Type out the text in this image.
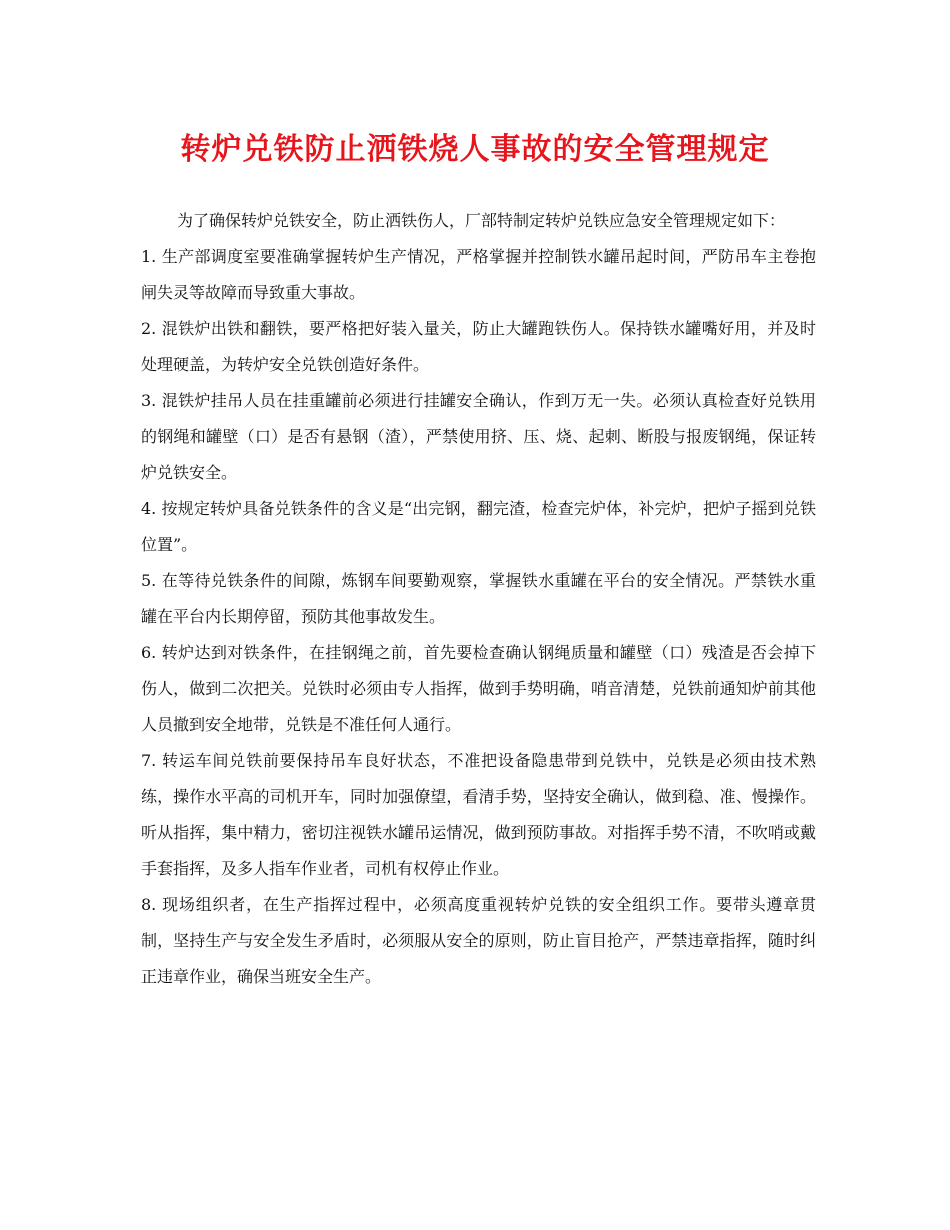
转炉兑铁防止洒铁烧人事故的安全管理规定

为了确保转炉兑铁安全，防止洒铁伤人，厂部特制定转炉兑铁应急安全管理规定如下：

1. 生产部调度室要准确掌握转炉生产情况，严格掌握并控制铁水罐吊起时间，严防吊车主卷抱闸失灵等故障而导致重大事故。

2. 混铁炉出铁和翻铁，要严格把好装入量关，防止大罐跑铁伤人。保持铁水罐嘴好用，并及时处理硬盖，为转炉安全兑铁创造好条件。

3. 混铁炉挂吊人员在挂重罐前必须进行挂罐安全确认，作到万无一失。必须认真检查好兑铁用的钢绳和罐壁（口）是否有悬钢（渣），严禁使用挤、压、烧、起刺、断股与报废钢绳，保证转炉兑铁安全。

4. 按规定转炉具备兑铁条件的含义是“出完钢，翻完渣，检查完炉体，补完炉，把炉子摇到兑铁位置”。

5. 在等待兑铁条件的间隙，炼钢车间要勤观察，掌握铁水重罐在平台的安全情况。严禁铁水重罐在平台内长期停留，预防其他事故发生。

6. 转炉达到对铁条件，在挂钢绳之前，首先要检查确认钢绳质量和罐壁（口）残渣是否会掉下伤人，做到二次把关。兑铁时必须由专人指挥，做到手势明确，哨音清楚，兑铁前通知炉前其他人员撤到安全地带，兑铁是不准任何人通行。

7. 转运车间兑铁前要保持吊车良好状态，不准把设备隐患带到兑铁中，兑铁是必须由技术熟练，操作水平高的司机开车，同时加强僚望，看清手势，坚持安全确认，做到稳、准、慢操作。听从指挥，集中精力，密切注视铁水罐吊运情况，做到预防事故。对指挥手势不清，不吹哨或戴手套指挥，及多人指车作业者，司机有权停止作业。

8. 现场组织者，在生产指挥过程中，必须高度重视转炉兑铁的安全组织工作。要带头遵章贯制，坚持生产与安全发生矛盾时，必须服从安全的原则，防止盲目抢产，严禁违章指挥，随时纠正违章作业，确保当班安全生产。
